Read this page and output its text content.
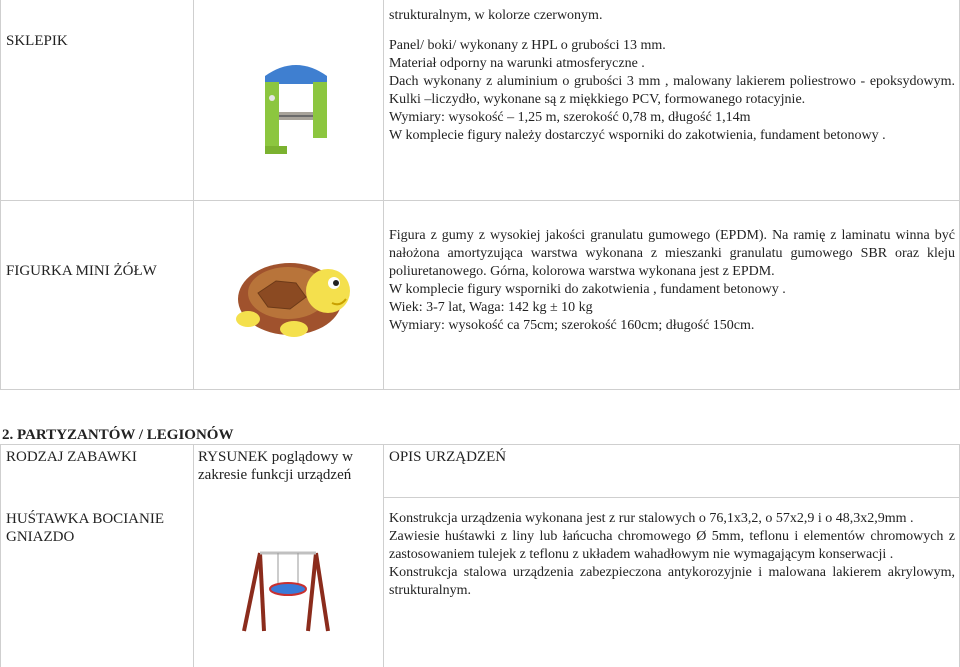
SKLEPIK

strukturalnym, w kolorze czerwonym.

Panel/ boki/ wykonany z HPL o grubości 13 mm.

Materiał odporny na warunki atmosferyczne .

Dach wykonany z aluminium o grubości 3 mm , malowany lakierem poliestrowo - epoksydowym. Kulki –liczydło, wykonane są z miękkiego PCV, formowanego rotacyjnie.

Wymiary: wysokość – 1,25 m, szerokość 0,78 m, długość 1,14m

W komplecie figury należy dostarczyć wsporniki do zakotwienia, fundament betonowy .

FIGURKA MINI ŻÓŁW

Figura z gumy z wysokiej jakości granulatu gumowego (EPDM). Na ramię z laminatu winna być nałożona amortyzująca warstwa wykonana z mieszanki granulatu gumowego SBR oraz kleju poliuretanowego. Górna, kolorowa warstwa wykonana jest z EPDM.

W komplecie figury wsporniki do zakotwienia , fundament betonowy .

Wiek: 3-7 lat, Waga: 142 kg ± 10 kg

Wymiary: wysokość ca 75cm; szerokość 160cm; długość 150cm.

2. PARTYZANTÓW / LEGIONÓW
RODZAJ ZABAWKI	RYSUNEK poglądowy w zakresie funkcji urządzeń
OPIS URZĄDZEŃ
HUŚTAWKA BOCIANIE GNIAZDO

Konstrukcja urządzenia wykonana jest z rur stalowych o 76,1x3,2, o 57x2,9 i o 48,3x2,9mm .

Zawiesie huśtawki z liny lub łańcucha chromowego Ø 5mm, teflonu i elementów chromowych z zastosowaniem tulejek z teflonu z układem wahadłowym nie wymagającym konserwacji .

Konstrukcja stalowa urządzenia zabezpieczona antykorozyjnie i malowana lakierem akrylowym, strukturalnym.
